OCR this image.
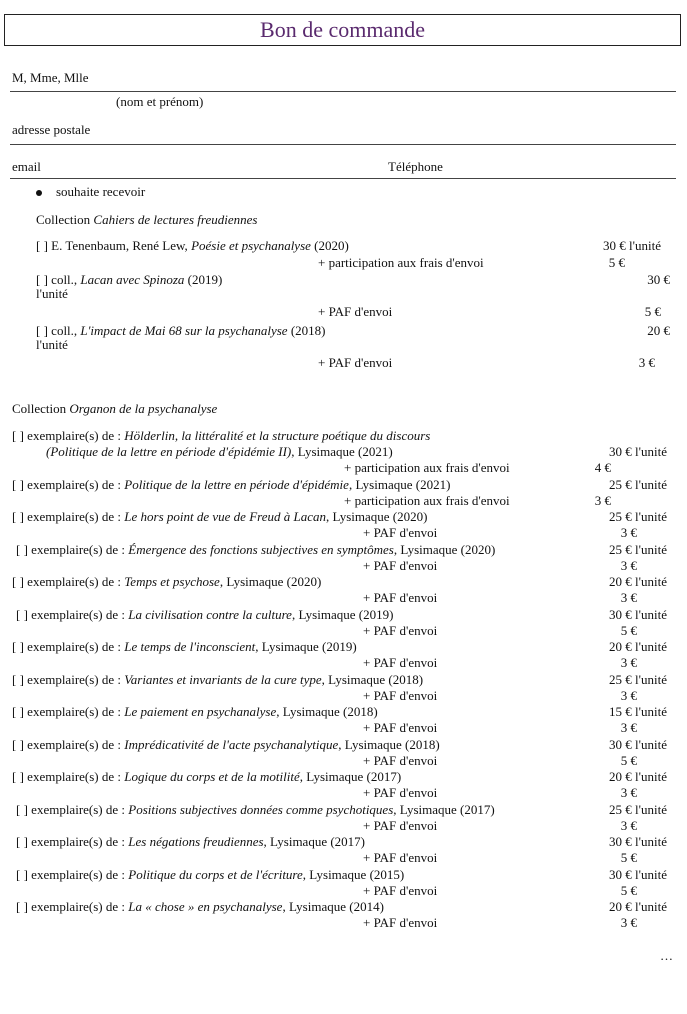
Bon de commande
M, Mme, Mlle
(nom et prénom)
adresse postale
email	Téléphone
souhaite recevoir
Collection Cahiers de lectures freudiennes
[ ] E. Tenenbaum, René Lew, Poésie et psychanalyse (2020)	30 € l'unité
+ participation aux frais d'envoi	5 €
[ ] coll., Lacan avec Spinoza (2019)	30 €
l'unité
+ PAF d'envoi	5 €
[ ] coll., L'impact de Mai 68 sur la psychanalyse (2018)	20 €
l'unité
+ PAF d'envoi	3 €
Collection Organon de la psychanalyse
[ ] exemplaire(s) de : Hölderlin, la littéralité et la structure poétique du discours
(Politique de la lettre en période d'épidémie II), Lysimaque (2021)	30 € l'unité
+ participation aux frais d'envoi	4 €
[ ] exemplaire(s) de : Politique de la lettre en période d'épidémie, Lysimaque (2021)	25 € l'unité
+ participation aux frais d'envoi	3 €
[ ] exemplaire(s) de : Le hors point de vue de Freud à Lacan, Lysimaque (2020)	25 € l'unité
+ PAF d'envoi	3 €
[ ] exemplaire(s) de : Émergence des fonctions subjectives en symptômes, Lysimaque (2020)	25 € l'unité
+ PAF d'envoi	3 €
[ ] exemplaire(s) de : Temps et psychose, Lysimaque (2020)	20 € l'unité
+ PAF d'envoi	3 €
[ ] exemplaire(s) de : La civilisation contre la culture, Lysimaque (2019)	30 € l'unité
+ PAF d'envoi	5 €
[ ] exemplaire(s) de : Le temps de l'inconscient, Lysimaque (2019)	20 € l'unité
+ PAF d'envoi	3 €
[ ] exemplaire(s) de : Variantes et invariants de la cure type, Lysimaque (2018)	25 € l'unité
+ PAF d'envoi	3 €
[ ] exemplaire(s) de : Le paiement en psychanalyse, Lysimaque (2018)	15 € l'unité
+ PAF d'envoi	3 €
[ ] exemplaire(s) de : Imprédicativité de l'acte psychanalytique, Lysimaque (2018)	30 € l'unité
+ PAF d'envoi	5 €
[ ] exemplaire(s) de : Logique du corps et de la motilité, Lysimaque (2017)	20 € l'unité
+ PAF d'envoi	3 €
[ ] exemplaire(s) de : Positions subjectives données comme psychotiques, Lysimaque (2017)	25 € l'unité
+ PAF d'envoi	3 €
[ ] exemplaire(s) de : Les négations freudiennes, Lysimaque (2017)	30 € l'unité
+ PAF d'envoi	5 €
[ ] exemplaire(s) de : Politique du corps et de l'écriture, Lysimaque (2015)	30 € l'unité
+ PAF d'envoi	5 €
[ ] exemplaire(s) de : La « chose » en psychanalyse, Lysimaque (2014)	20 € l'unité
+ PAF d'envoi	3 €
…
